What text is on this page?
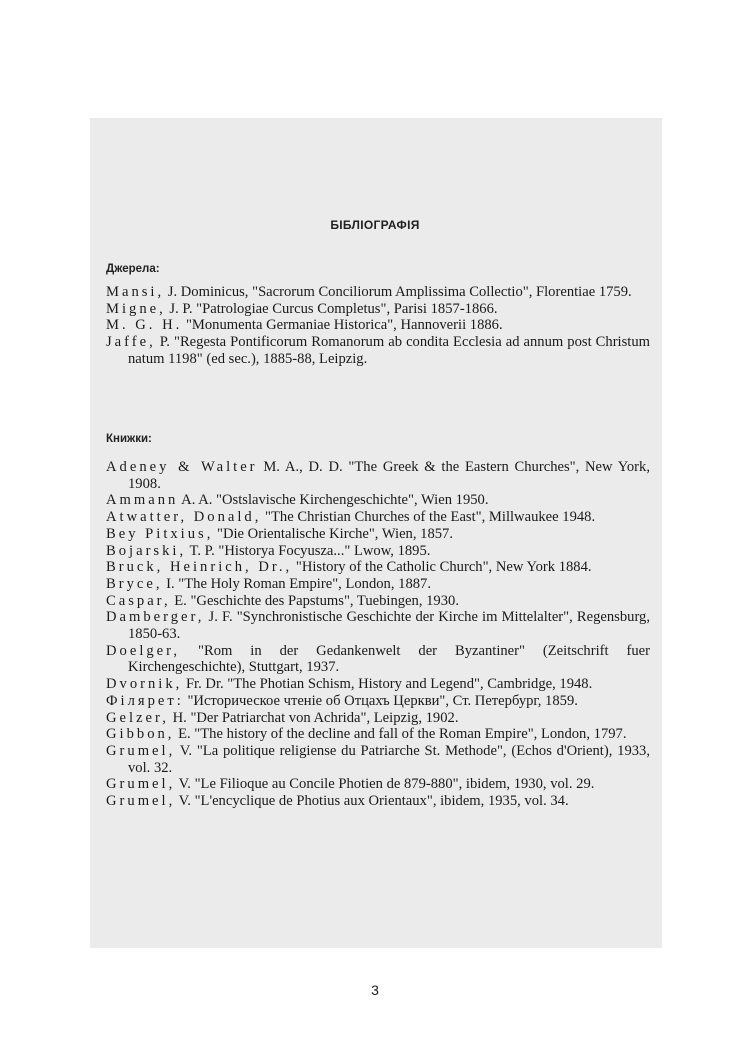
БІБЛІОГРАФІЯ
Джерела:
Mansi, J. Dominicus, "Sacrorum Conciliorum Amplissima Collectio", Florentiae 1759.
Migne, J. P. "Patrologiae Curcus Completus", Parisi 1857-1866.
M. G. H. "Monumenta Germaniae Historica", Hannoverii 1886.
Jaffe, P. "Regesta Pontificorum Romanorum ab condita Ecclesia ad annum post Christum natum 1198" (ed sec.), 1885-88, Leipzig.
Книжки:
Adeney & Walter M. A., D. D. "The Greek & the Eastern Churches", New York, 1908.
Ammann A. A. "Ostslavische Kirchengeschichte", Wien 1950.
Atwatter, Donald, "The Christian Churches of the East", Millwaukee 1948.
Bey Pitxius, "Die Orientalische Kirche", Wien, 1857.
Bojarski, T. P. "Historya Focyusza..." Lwow, 1895.
Bruck, Heinrich, Dr., "History of the Catholic Church", New York 1884.
Bryce, I. "The Holy Roman Empire", London, 1887.
Caspar, E. "Geschichte des Papstums", Tuebingen, 1930.
Damberger, J. F. "Synchronistische Geschichte der Kirche im Mittelalter", Regensburg, 1850-63.
Doelger, "Rom in der Gedankenwelt der Byzantiner" (Zeitschrift fuer Kirchengeschichte), Stuttgart, 1937.
Dvornik, Fr. Dr. "The Photian Schism, History and Legend", Cambridge, 1948.
Філярет: "Историческое чтеніе об Отцахъ Церкви", Ст. Петербург, 1859.
Gelzer, H. "Der Patriarchat von Achrida", Leipzig, 1902.
Gibbon, E. "The history of the decline and fall of the Roman Empire", London, 1797.
Grumel, V. "La politique religiense du Patriarche St. Methode", (Echos d'Orient), 1933, vol. 32.
Grumel, V. "Le Filioque au Concile Photien de 879-880", ibidem, 1930, vol. 29.
Grumel, V. "L'encyclique de Photius aux Orientaux", ibidem, 1935, vol. 34.
3
